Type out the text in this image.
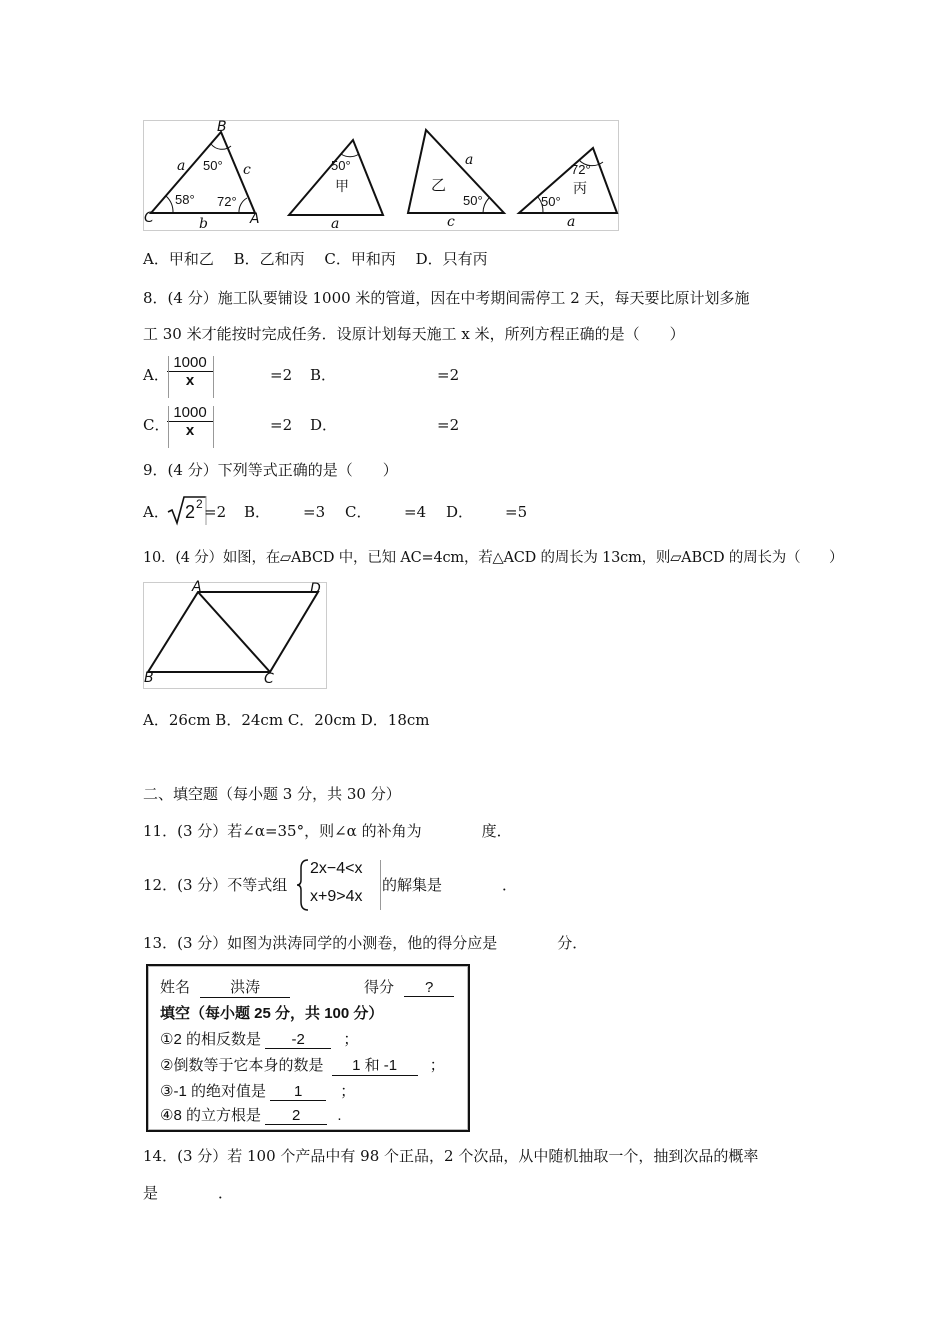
B
C	A
a	c
b
50°
58° 72°
50°
甲
a
乙
a
50°
c
72°
丙
50°
a
A．甲和乙　 B．乙和丙　 C．甲和丙　 D．只有丙
8．(4 分）施工队要铺设 1000 米的管道，因在中考期间需停工 2 天，每天要比原计划多施
工 30 米才能按时完成任务．设原计划每天施工 x 米，所列方程正确的是（　　）
A．
1000
x	=2 B．	=2
C．
1000
x	=2 D．	=2
9．(4 分）下列等式正确的是（　　）
A． 2 2 =2 B． =3 C． =4 D． =5
10．(4 分）如图，在▱ABCD 中，已知 AC=4cm，若△ACD 的周长为 13cm，则▱ABCD 的周长为（　　）
A	D
B	C
A．26cm B．24cm C．20cm D．18cm
二、填空题（每小题 3 分，共 30 分）
11．(3 分）若∠α=35°，则∠α 的补角为　　　　度．
12．(3 分）不等式组
2x−4<x
x+9>4x
的解集是　　　　．
13．(3 分）如图为洪涛同学的小测卷，他的得分应是　　　　分．
姓名	洪涛	得分 ?
填空（每小题 25 分，共 100 分）
①2 的相反数是 -2	；
②倒数等于它本身的数是 1 和 -1 ；
③-1 的绝对值是 1	；
④8 的立方根是 2 .
14．(3 分）若 100 个产品中有 98 个正品，2 个次品，从中随机抽取一个，抽到次品的概率
是　　　　．
